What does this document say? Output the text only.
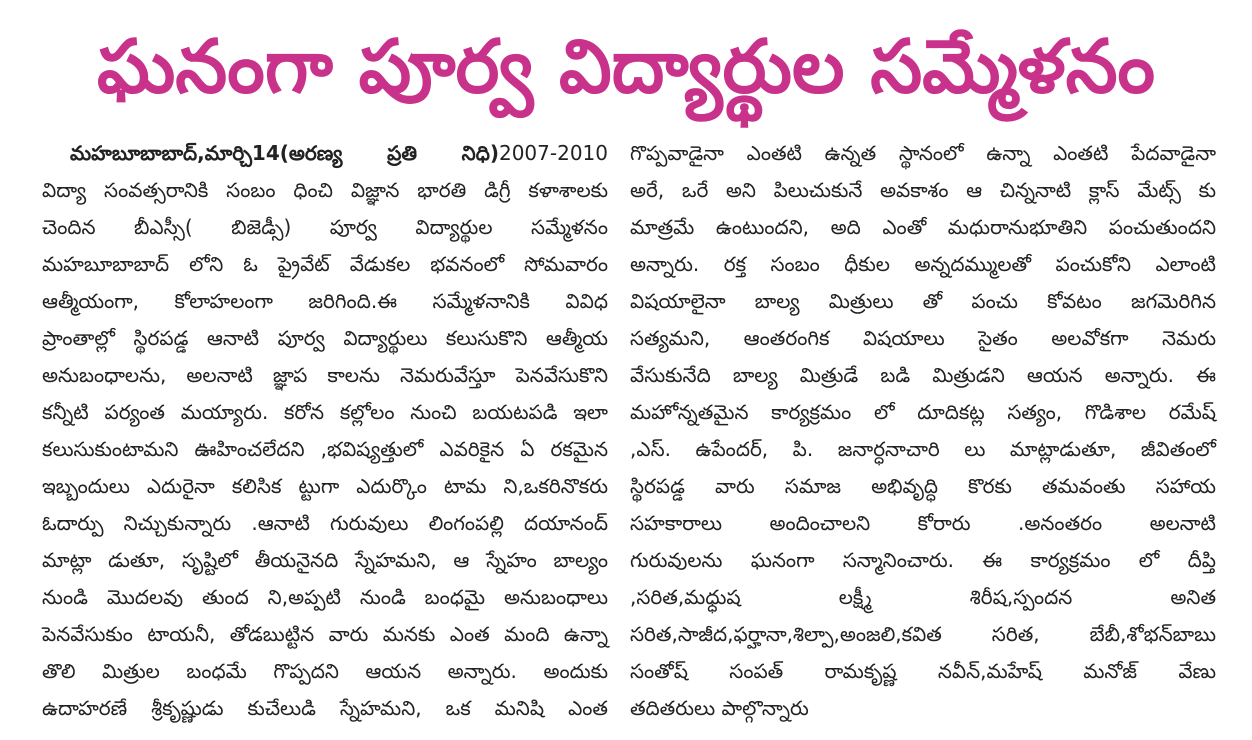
ఘనంగా పూర్వ విద్యార్థుల సమ్మేళనం
మహబూబాబాద్,మార్చి14(అరణ్య ప్రతి నిధి)2007-2010
విద్యా సంవత్సరానికి సంబం ధించి విజ్ఞాన భారతి డిగ్రీ కళాశాలకు
చెందిన బీఎస్సీ( బిజెడ్సీ) పూర్వ విద్యార్థుల సమ్మేళనం
మహబూబాబాద్ లోని ఓ ప్రైవేట్ వేడుకల భవనంలో సోమవారం
ఆత్మీయంగా, కోలాహలంగా జరిగింది.ఈ సమ్మేళనానికి వివిధ
ప్రాంతాల్లో స్థిరపడ్డ ఆనాటి పూర్వ విద్యార్థులు కలుసుకొని ఆత్మీయ
అనుబంధాలను, అలనాటి జ్ఞాప కాలను నెమరువేస్తూ పెనవేసుకొని
కన్నీటి పర్యంత మయ్యారు. కరోన కల్లోలం నుంచి బయటపడి ఇలా
కలుసుకుంటామని ఊహించలేదని ,భవిష్యత్తులో ఎవరికైన ఏ రకమైన
ఇబ్బందులు ఎదురైనా కలిసిక ట్టుగా ఎదుర్కొం టామ ని,ఒకరినొకరు
ఓదార్పు నిచ్చుకున్నారు .ఆనాటి గురువులు లింగంపల్లి దయానంద్
మాట్లా డుతూ, సృష్టిలో తీయనైనది స్నేహమని, ఆ స్నేహం బాల్యం
నుండి మొదలవు తుంద ని,అప్పటి నుండి బంధమై అనుబంధాలు
పెనవేసుకుం టాయనీ, తోడబుట్టిన వారు మనకు ఎంత మంది ఉన్నా
తొలి మిత్రుల బంధమే గొప్పదని ఆయన అన్నారు. అందుకు
ఉదాహరణే శ్రీకృష్ణుడు కుచేలుడి స్నేహమని, ఒక మనిషి ఎంత
గొప్పవాడైనా ఎంతటి ఉన్నత స్థానంలో ఉన్నా ఎంతటి పేదవాడైనా
అరే, ఒరే అని పిలుచుకునే అవకాశం ఆ చిన్ననాటి క్లాస్ మేట్స్ కు
మాత్రమే ఉంటుందని, అది ఎంతో మధురానుభూతిని పంచుతుందని
అన్నారు. రక్త సంబం ధీకుల అన్నదమ్ములతో పంచుకోని ఎలాంటి
విషయాలైనా బాల్య మిత్రులు తో పంచు కోవటం జగమెరిగిన
సత్యమని, ఆంతరంగిక విషయాలు సైతం అలవోకగా నెమరు
వేసుకునేది బాల్య మిత్రుడే బడి మిత్రుడని ఆయన అన్నారు. ఈ
మహోన్నతమైన కార్యక్రమం లో దూదికట్ల సత్యం, గొడిశాల రమేష్
,ఎస్. ఉపేందర్, పి. జనార్ధనాచారి లు మాట్లాడుతూ, జీవితంలో
స్థిరపడ్డ వారు సమాజ అభివృద్ధి కొరకు తమవంతు సహాయ
సహకారాలు అందించాలని కోరారు .అనంతరం అలనాటి
గురువులను ఘనంగా సన్మానించారు. ఈ కార్యక్రమం లో దీప్తి
,సరిత,మధ్ధుష లక్ష్మీ శిరీష,స్పందన అనిత
సరిత,సాజీద,ఫర్హానా,శిల్పా,అంజలి,కవిత సరిత, బేబీ,శోభన్‌బాబు
సంతోష్ సంపత్ రామకృష్ణ నవీన్,మహేష్ మనోజ్ వేణు
తదితరులు పాల్గొన్నారు
